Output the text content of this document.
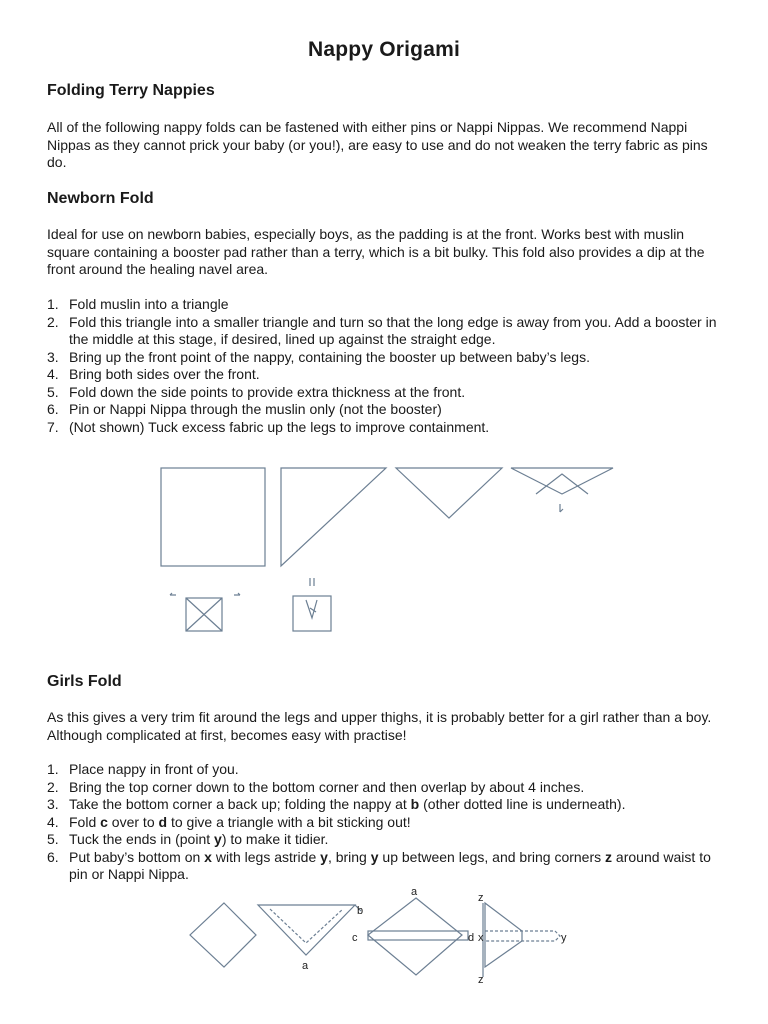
Nappy Origami
Folding Terry Nappies

All of the following nappy folds can be fastened with either pins or Nappi Nippas. We recommend Nappi Nippas as they cannot prick your baby (or you!), are easy to use and do not weaken the terry fabric as pins do.

Newborn Fold

Ideal for use on newborn babies, especially boys, as the padding is at the front. Works best with muslin square containing a booster pad rather than a terry, which is a bit bulky. This fold also provides a dip at the front around the healing navel area.

1. Fold muslin into a triangle
2. Fold this triangle into a smaller triangle and turn so that the long edge is away from you. Add a booster in the middle at this stage, if desired, lined up against the straight edge.
3. Bring up the front point of the nappy, containing the booster up between baby’s legs.
4. Bring both sides over the front.
5. Fold down the side points to provide extra thickness at the front.
6. Pin or Nappi Nippa through the muslin only (not the booster)
7. (Not shown) Tuck excess fabric up the legs to improve containment.
Girls Fold

As this gives a very trim fit around the legs and upper thighs, it is probably better for a girl rather than a boy. Although complicated at first, becomes easy with practise!

1. Place nappy in front of you.
2. Bring the top corner down to the bottom corner and then overlap by about 4 inches.
3. Take the bottom corner a back up; folding the nappy at b (other dotted line is underneath).
4. Fold c over to d to give a triangle with a bit sticking out!
5. Tuck the ends in (point y) to make it tidier.
6. Put baby’s bottom on x with legs astride y, bring y up between legs, and bring corners z around waist to pin or Nappi Nippa.
b
a
a
c	d
z
z
x	y
